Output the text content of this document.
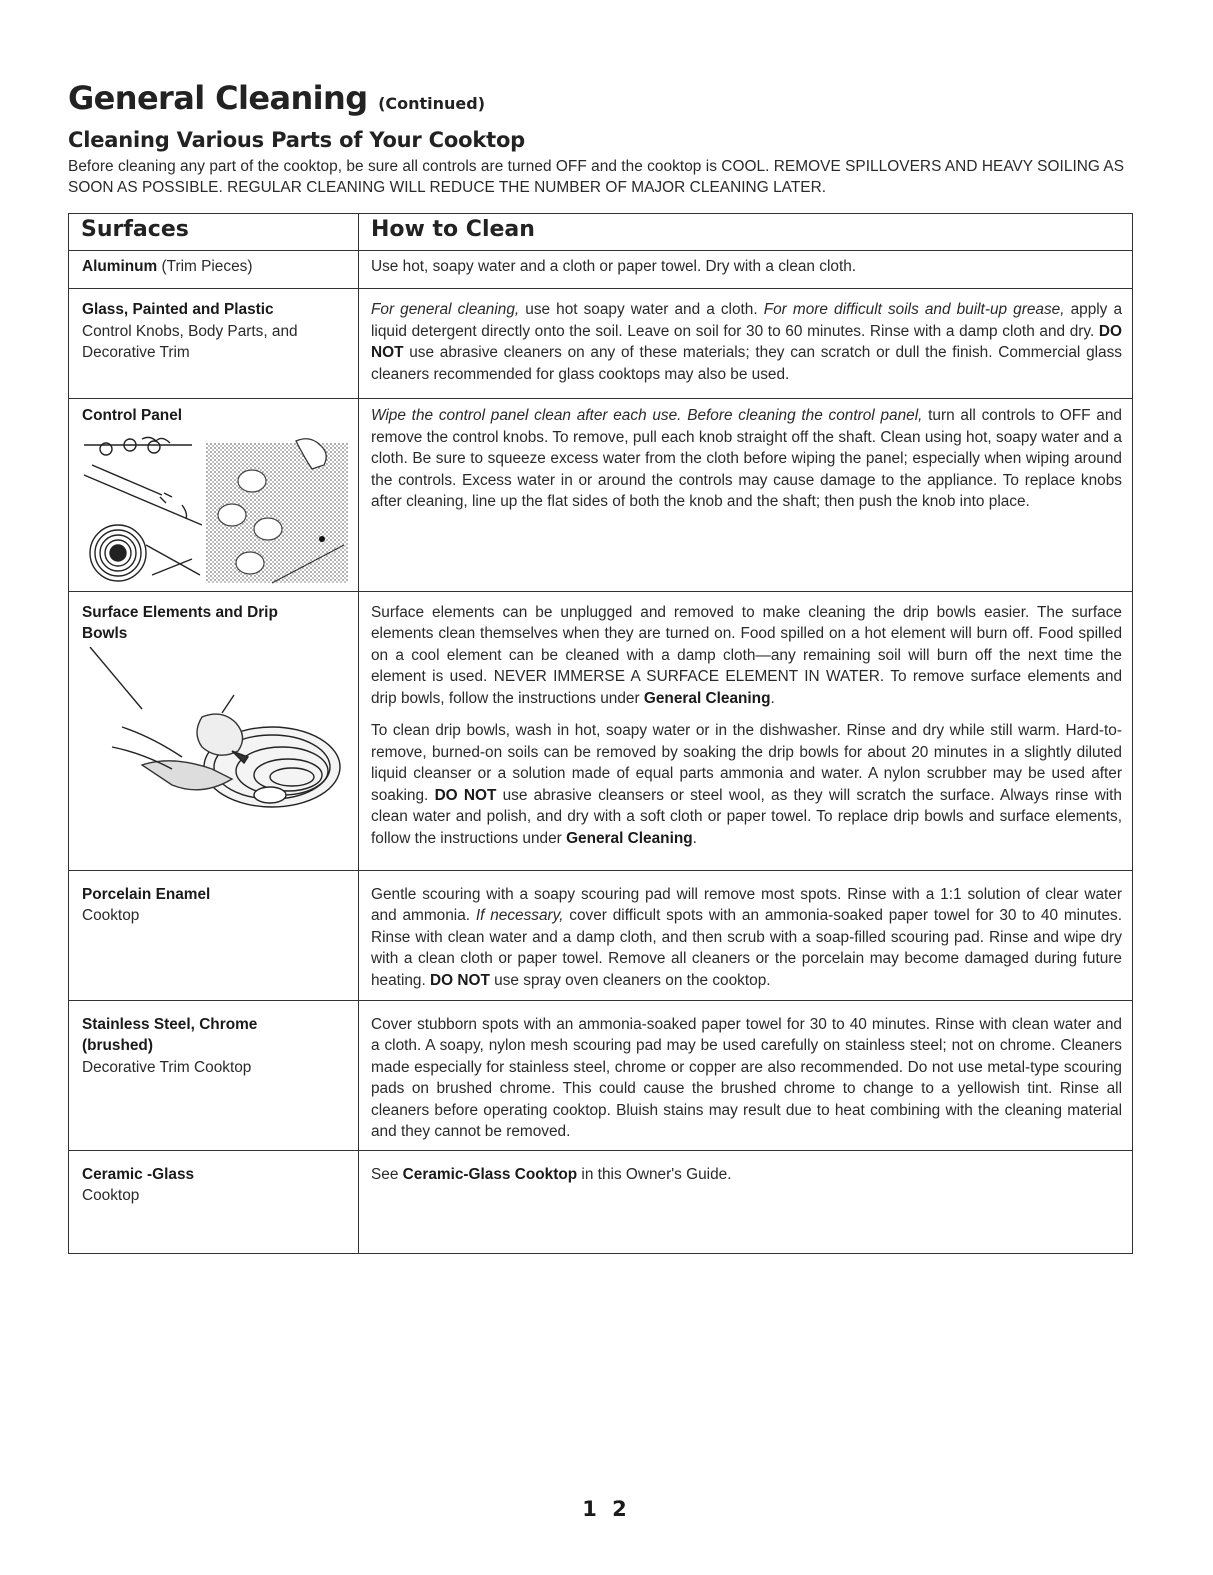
General Cleaning (Continued)
Cleaning Various Parts of Your Cooktop

Before cleaning any part of the cooktop, be sure all controls are turned OFF and the cooktop is COOL. REMOVE SPILLOVERS AND HEAVY SOILING AS SOON AS POSSIBLE. REGULAR CLEANING WILL REDUCE THE NUMBER OF MAJOR CLEANING LATER.

Surfaces	How to Clean
Aluminum (Trim Pieces)	Use hot, soapy water and a cloth or paper towel. Dry with a clean cloth.

Glass, Painted and Plastic
Control Knobs, Body Parts, and Decorative Trim	For general cleaning, use hot soapy water and a cloth. For more difficult soils and built-up grease, apply a liquid detergent directly onto the soil. Leave on soil for 30 to 60 minutes. Rinse with a damp cloth and dry. DO NOT use abrasive cleaners on any of these materials; they can scratch or dull the finish. Commercial glass cleaners recommended for glass cooktops may also be used.

Control Panel	Wipe the control panel clean after each use. Before cleaning the control panel, turn all controls to OFF and remove the control knobs. To remove, pull each knob straight off the shaft. Clean using hot, soapy water and a cloth. Be sure to squeeze excess water from the cloth before wiping the panel; especially when wiping around the controls. Excess water in or around the controls may cause damage to the appliance. To replace knobs after cleaning, line up the flat sides of both the knob and the shaft; then push the knob into place.

Surface Elements and Drip Bowls	Surface elements can be unplugged and removed to make cleaning the drip bowls easier. The surface elements clean themselves when they are turned on. Food spilled on a hot element will burn off. Food spilled on a cool element can be cleaned with a damp cloth—any remaining soil will burn off the next time the element is used. NEVER IMMERSE A SURFACE ELEMENT IN WATER. To remove surface elements and drip bowls, follow the instructions under General Cleaning.

To clean drip bowls, wash in hot, soapy water or in the dishwasher. Rinse and dry while still warm. Hard-to-remove, burned-on soils can be removed by soaking the drip bowls for about 20 minutes in a slightly diluted liquid cleanser or a solution made of equal parts ammonia and water. A nylon scrubber may be used after soaking. DO NOT use abrasive cleansers or steel wool, as they will scratch the surface. Always rinse with clean water and polish, and dry with a soft cloth or paper towel. To replace drip bowls and surface elements, follow the instructions under General Cleaning.

Porcelain Enamel
Cooktop	Gentle scouring with a soapy scouring pad will remove most spots. Rinse with a 1:1 solution of clear water and ammonia. If necessary, cover difficult spots with an ammonia-soaked paper towel for 30 to 40 minutes. Rinse with clean water and a damp cloth, and then scrub with a soap-filled scouring pad. Rinse and wipe dry with a clean cloth or paper towel. Remove all cleaners or the porcelain may become damaged during future heating. DO NOT use spray oven cleaners on the cooktop.

Stainless Steel, Chrome (brushed)
Decorative Trim Cooktop	Cover stubborn spots with an ammonia-soaked paper towel for 30 to 40 minutes. Rinse with clean water and a cloth. A soapy, nylon mesh scouring pad may be used carefully on stainless steel; not on chrome. Cleaners made especially for stainless steel, chrome or copper are also recommended. Do not use metal-type scouring pads on brushed chrome. This could cause the brushed chrome to change to a yellowish tint. Rinse all cleaners before operating cooktop. Bluish stains may result due to heat combining with the cleaning material and they cannot be removed.

Ceramic -Glass
Cooktop	See Ceramic-Glass Cooktop in this Owner's Guide.
1 2
